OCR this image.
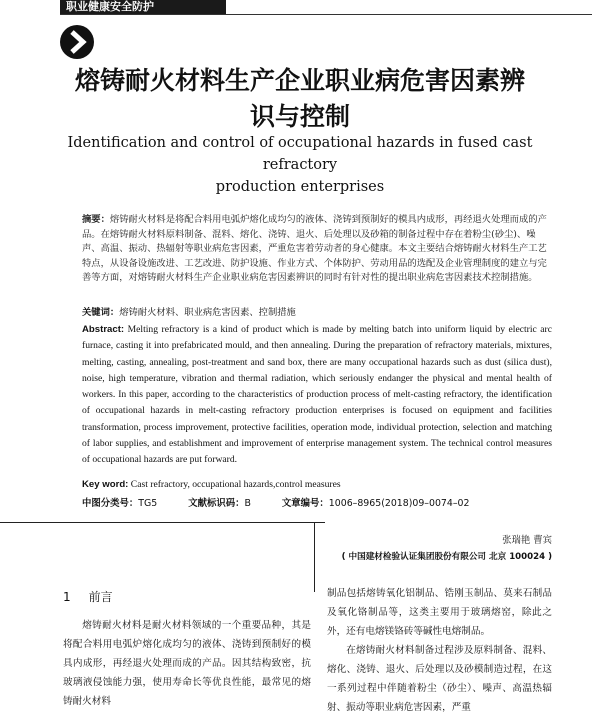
职业健康安全防护
熔铸耐火材料生产企业职业病危害因素辨
识与控制
Identification and control of occupational hazards in fused cast refractory
production enterprises
摘要：熔铸耐火材料是将配合料用电弧炉熔化成均匀的液体、浇铸到预制好的模具内成形，再经退火处理而成的产品。在熔铸耐火材料原料制备、混料、熔化、浇铸、退火、后处理以及砂箱的制备过程中存在着粉尘(砂尘)、噪声、高温、振动、热辐射等职业病危害因素，严重危害着劳动者的身心健康。本文主要结合熔铸耐火材料生产工艺特点，从设备设施改进、工艺改进、防护设施、作业方式、个体防护、劳动用品的选配及企业管理制度的建立与完善等方面，对熔铸耐火材料生产企业职业病危害因素辨识的同时有针对性的提出职业病危害因素技术控制措施。
关键词：熔铸耐火材料、职业病危害因素、控制措施
Abstract: Melting refractory is a kind of product which is made by melting batch into uniform liquid by electric arc furnace, casting it into prefabricated mould, and then annealing. During the preparation of refractory materials, mixtures, melting, casting, annealing, post-treatment and sand box, there are many occupational hazards such as dust (silica dust), noise, high temperature, vibration and thermal radiation, which seriously endanger the physical and mental health of workers. In this paper, according to the characteristics of production process of melt-casting refractory, the identification of occupational hazards in melt-casting refractory production enterprises is focused on equipment and facilities transformation, process improvement, protective facilities, operation mode, individual protection, selection and matching of labor supplies, and establishment and improvement of enterprise management system. The technical control measures of occupational hazards are put forward.
Key word: Cast refractory, occupational hazards,control measures
中图分类号：TG5	文献标识码：B	文章编号：1006–8965(2018)09–0074–02
张瑞艳 曹宾
( 中国建材检验认证集团股份有限公司 北京 100024 )
1 前言

熔铸耐火材料是耐火材料领域的一个重要品种，其是将配合料用电弧炉熔化成均匀的液体、浇铸到预制好的模具内成形，再经退火处理而成的产品。因其结构致密，抗玻璃液侵蚀能力强，使用寿命长等优良性能，最常见的熔铸耐火材料

制品包括熔铸氧化铝制品、锆刚玉制品、莫来石制品及氧化铬制品等，这类主要用于玻璃熔窑，除此之外，还有电熔镁铬砖等碱性电熔制品。

在熔铸耐火材料制备过程涉及原料制备、混料、熔化、浇铸、退火、后处理以及砂模制造过程，在这一系列过程中伴随着粉尘（砂尘）、噪声、高温热辐射、振动等职业病危害因素，严重
